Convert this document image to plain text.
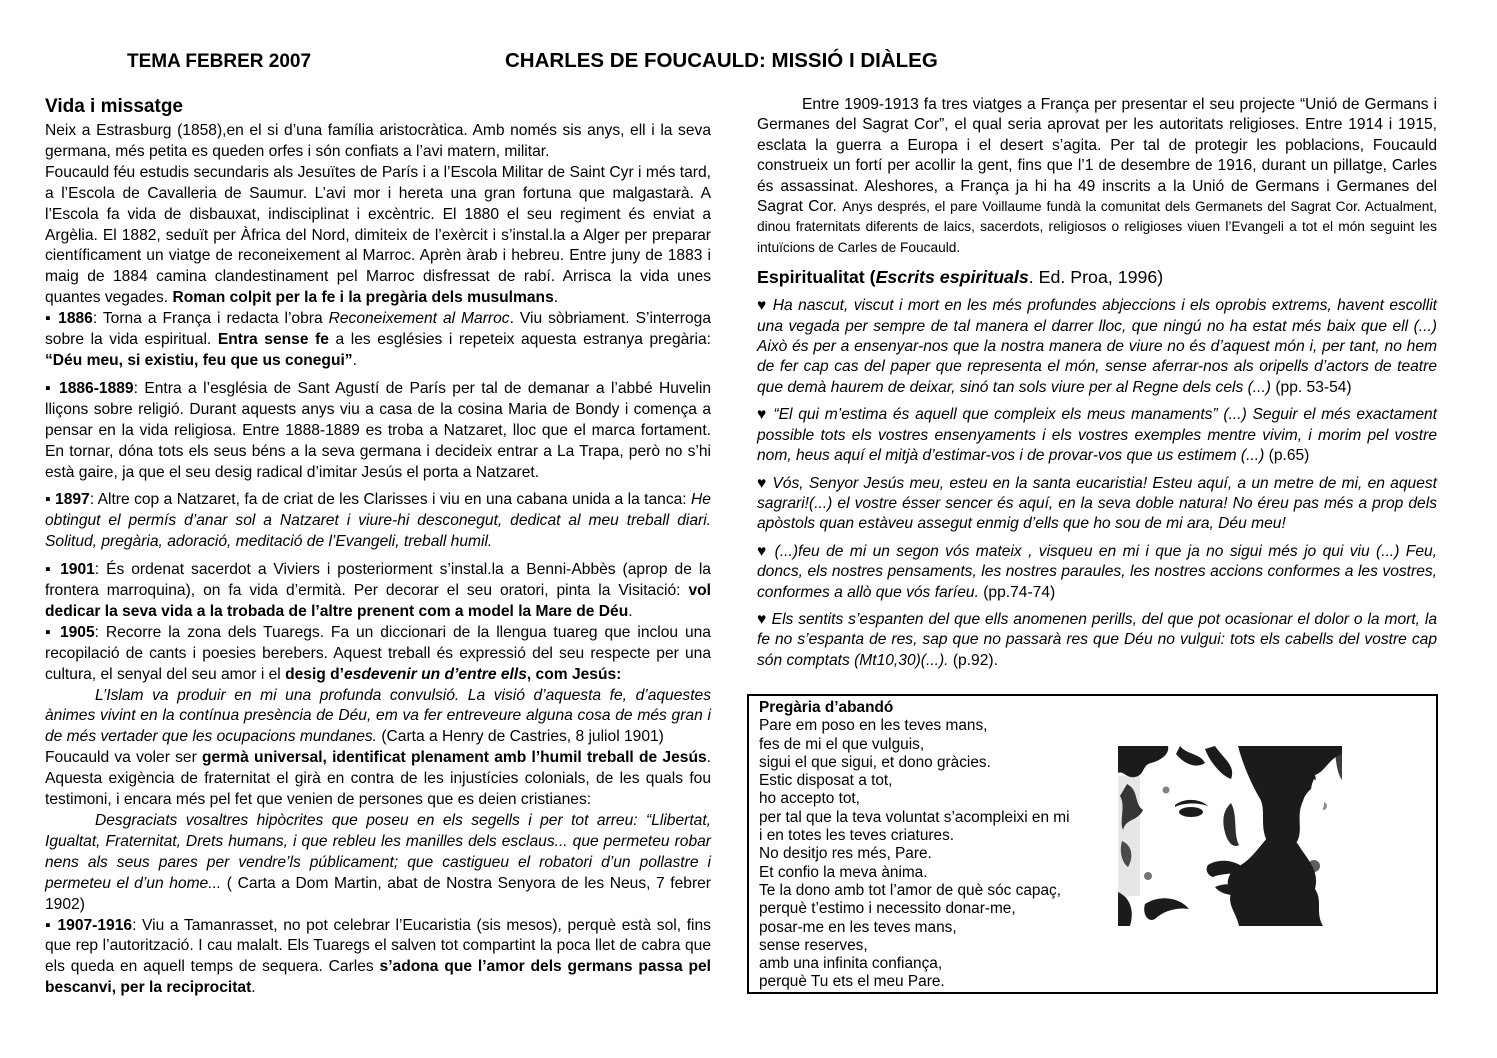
TEMA FEBRER 2007	CHARLES DE FOUCAULD: MISSIÓ I DIÀLEG
Vida i missatge

Neix a Estrasburg (1858),en el si d’una família aristocràtica. Amb només sis anys, ell i la seva germana, més petita es queden orfes i són confiats a l’avi matern, militar.

Foucauld féu estudis secundaris als Jesuïtes de París i a l’Escola Militar de Saint Cyr i més tard, a l’Escola de Cavalleria de Saumur. L’avi mor i hereta una gran fortuna que malgastarà. A l’Escola fa vida de disbauxat, indisciplinat i excèntric. El 1880 el seu regiment és enviat a Argèlia. El 1882, seduït per Àfrica del Nord, dimiteix de l’exèrcit i s’instal.la a Alger per preparar científicament un viatge de reconeixement al Marroc. Aprèn àrab i hebreu. Entre juny de 1883 i maig de 1884 camina clandestinament pel Marroc disfressat de rabí. Arrisca la vida unes quantes vegades. Roman colpit per la fe i la pregària dels musulmans.

▪ 1886: Torna a França i redacta l’obra Reconeixement al Marroc. Viu sòbriament. S’interroga sobre la vida espiritual. Entra sense fe a les esglésies i repeteix aquesta estranya pregària: “Déu meu, si existiu, feu que us conegui”.

▪ 1886-1889: Entra a l’església de Sant Agustí de París per tal de demanar a l’abbé Huvelin lliçons sobre religió. Durant aquests anys viu a casa de la cosina Maria de Bondy i comença a pensar en la vida religiosa. Entre 1888-1889 es troba a Natzaret, lloc que el marca fortament. En tornar, dóna tots els seus béns a la seva germana i decideix entrar a La Trapa, però no s’hi està gaire, ja que el seu desig radical d’imitar Jesús el porta a Natzaret.

▪ 1897: Altre cop a Natzaret, fa de criat de les Clarisses i viu en una cabana unida a la tanca: He obtingut el permís d’anar sol a Natzaret i viure-hi desconegut, dedicat al meu treball diari. Solitud, pregària, adoració, meditació de l’Evangeli, treball humil.

▪ 1901: És ordenat sacerdot a Viviers i posteriorment s’instal.la a Benni-Abbès (aprop de la frontera marroquina), on fa vida d’ermità. Per decorar el seu oratori, pinta la Visitació: vol dedicar la seva vida a la trobada de l’altre prenent com a model la Mare de Déu.

▪ 1905: Recorre la zona dels Tuaregs. Fa un diccionari de la llengua tuareg que inclou una recopilació de cants i poesies berebers. Aquest treball és expressió del seu respecte per una cultura, el senyal del seu amor i el desig d’esdevenir un d’entre ells, com Jesús:

L’Islam va produir en mi una profunda convulsió. La visió d’aquesta fe, d’aquestes ànimes vivint en la contínua presència de Déu, em va fer entreveure alguna cosa de més gran i de més vertader que les ocupacions mundanes. (Carta a Henry de Castries, 8 juliol 1901)

Foucauld va voler ser germà universal, identificat plenament amb l’humil treball de Jesús. Aquesta exigència de fraternitat el girà en contra de les injustícies colonials, de les quals fou testimoni, i encara més pel fet que venien de persones que es deien cristianes:

Desgraciats vosaltres hipòcrites que poseu en els segells i per tot arreu: “Llibertat, Igualtat, Fraternitat, Drets humans, i que rebleu les manilles dels esclaus... que permeteu robar nens als seus pares per vendre’ls públicament; que castigueu el robatori d’un pollastre i permeteu el d’un home... ( Carta a Dom Martin, abat de Nostra Senyora de les Neus, 7 febrer 1902)

▪ 1907-1916: Viu a Tamanrasset, no pot celebrar l’Eucaristia (sis mesos), perquè està sol, fins que rep l’autorització. I cau malalt. Els Tuaregs el salven tot compartint la poca llet de cabra que els queda en aquell temps de sequera. Carles s’adona que l’amor dels germans passa pel bescanvi, per la reciprocitat.

Entre 1909-1913 fa tres viatges a França per presentar el seu projecte “Unió de Germans i Germanes del Sagrat Cor”, el qual seria aprovat per les autoritats religioses. Entre 1914 i 1915, esclata la guerra a Europa i el desert s’agita. Per tal de protegir les poblacions, Foucauld construeix un fortí per acollir la gent, fins que l’1 de desembre de 1916, durant un pillatge, Carles és assassinat. Aleshores, a França ja hi ha 49 inscrits a la Unió de Germans i Germanes del Sagrat Cor. Anys després, el pare Voillaume fundà la comunitat dels Germanets del Sagrat Cor. Actualment, dinou fraternitats diferents de laics, sacerdots, religiosos o religioses viuen l’Evangeli a tot el món seguint les intuïcions de Carles de Foucauld.

Espiritualitat (Escrits espirituals. Ed. Proa, 1996)

♥ Ha nascut, viscut i mort en les més profundes abjeccions i els oprobis extrems, havent escollit una vegada per sempre de tal manera el darrer lloc, que ningú no ha estat més baix que ell (...) Això és per a ensenyar-nos que la nostra manera de viure no és d’aquest món i, per tant, no hem de fer cap cas del paper que representa el món, sense aferrar-nos als oripells d’actors de teatre que demà haurem de deixar, sinó tan sols viure per al Regne dels cels (...) (pp. 53-54)

♥ “El qui m’estima és aquell que compleix els meus manaments” (...) Seguir el més exactament possible tots els vostres ensenyaments i els vostres exemples mentre vivim, i morim pel vostre nom, heus aquí el mitjà d’estimar-vos i de provar-vos que us estimem (...) (p.65)

♥ Vós, Senyor Jesús meu, esteu en la santa eucaristia! Esteu aquí, a un metre de mi, en aquest sagrari!(...) el vostre ésser sencer és aquí, en la seva doble natura! No éreu pas més a prop dels apòstols quan estàveu assegut enmig d’ells que ho sou de mi ara, Déu meu!

♥ (...)feu de mi un segon vós mateix , visqueu en mi i que ja no sigui més jo qui viu (...) Feu, doncs, els nostres pensaments, les nostres paraules, les nostres accions conformes a les vostres, conformes a allò que vós faríeu. (pp.74-74)

♥ Els sentits s’espanten del que ells anomenen perills, del que pot ocasionar el dolor o la mort, la fe no s’espanta de res, sap que no passarà res que Déu no vulgui: tots els cabells del vostre cap són comptats (Mt10,30)(...). (p.92).

Pregària d’abandó
Pare em poso en les teves mans,
fes de mi el que vulguis,
sigui el que sigui, et dono gràcies.
Estic disposat a tot,
ho accepto tot,
per tal que la teva voluntat s’acompleixi en mi
i en totes les teves criatures.
No desitjo res més, Pare.
Et confio la meva ànima.
Te la dono amb tot l’amor de què sóc capaç,
perquè t’estimo i necessito donar-me,
posar-me en les teves mans,
sense reserves,
amb una infinita confiança,
perquè Tu ets el meu Pare.
